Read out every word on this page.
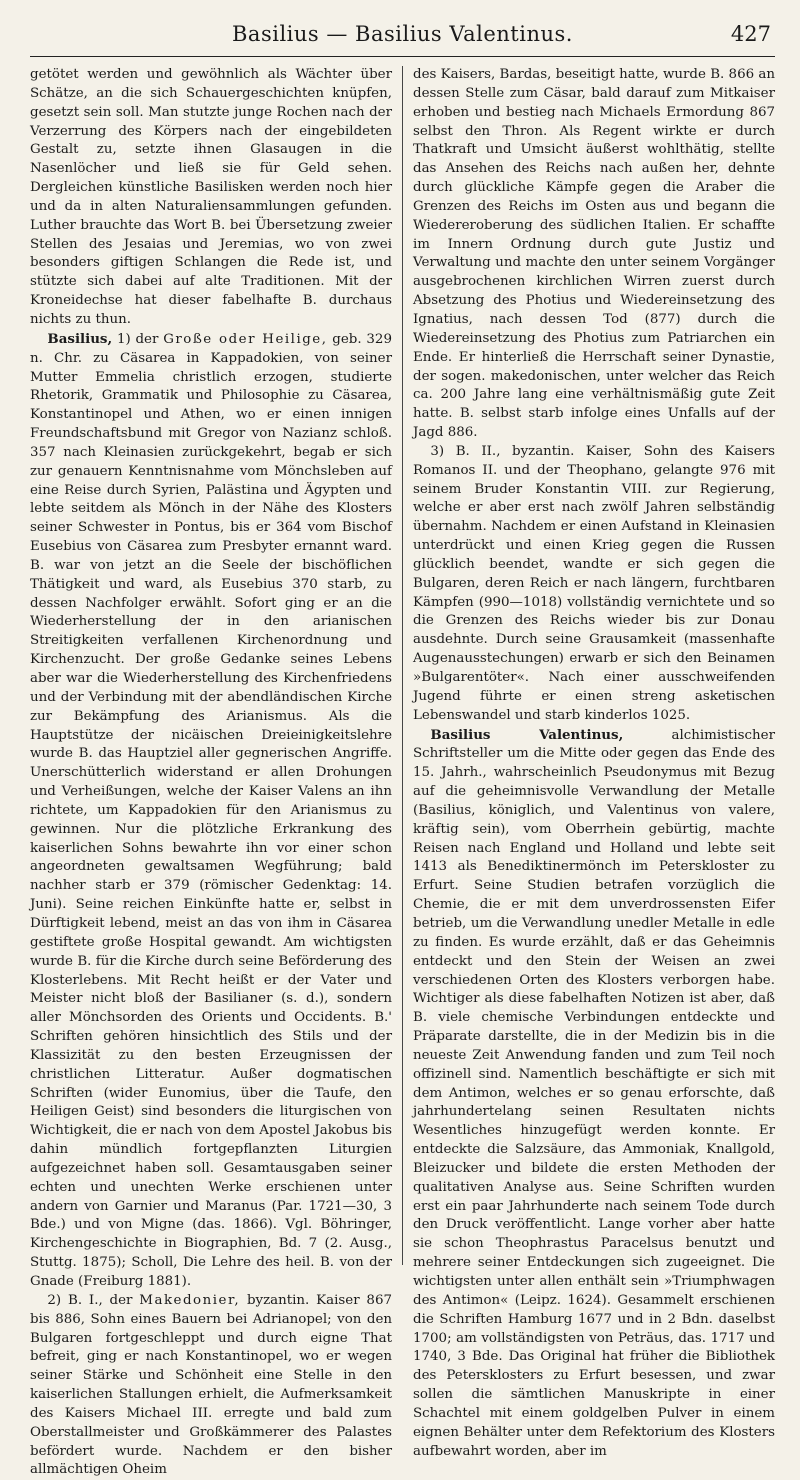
Basilius — Basilius Valentinus.	427

getötet werden und gewöhnlich als Wächter über Schätze, an die sich Schauergeschichten knüpfen, gesetzt sein soll. Man stutzte junge Rochen nach der Verzerrung des Körpers nach der eingebildeten Gestalt zu, setzte ihnen Glasaugen in die Nasenlöcher und ließ sie für Geld sehen. Dergleichen künstliche Basilisken werden noch hier und da in alten Naturaliensammlungen gefunden. Luther brauchte das Wort B. bei Übersetzung zweier Stellen des Jesaias und Jeremias, wo von zwei besonders giftigen Schlangen die Rede ist, und stützte sich dabei auf alte Traditionen. Mit der Kroneidechse hat dieser fabelhafte B. durchaus nichts zu thun.

Basilius, 1) der Große oder Heilige, geb. 329 n. Chr. zu Cäsarea in Kappadokien, von seiner Mutter Emmelia christlich erzogen, studierte Rhetorik, Grammatik und Philosophie zu Cäsarea, Konstantinopel und Athen, wo er einen innigen Freundschaftsbund mit Gregor von Nazianz schloß. 357 nach Kleinasien zurückgekehrt, begab er sich zur genauern Kenntnisnahme vom Mönchsleben auf eine Reise durch Syrien, Palästina und Ägypten und lebte seitdem als Mönch in der Nähe des Klosters seiner Schwester in Pontus, bis er 364 vom Bischof Eusebius von Cäsarea zum Presbyter ernannt ward. B. war von jetzt an die Seele der bischöflichen Thätigkeit und ward, als Eusebius 370 starb, zu dessen Nachfolger erwählt. Sofort ging er an die Wiederherstellung der in den arianischen Streitigkeiten verfallenen Kirchenordnung und Kirchenzucht. Der große Gedanke seines Lebens aber war die Wiederherstellung des Kirchenfriedens und der Verbindung mit der abendländischen Kirche zur Bekämpfung des Arianismus. Als die Hauptstütze der nicäischen Dreieinigkeitslehre wurde B. das Hauptziel aller gegnerischen Angriffe. Unerschütterlich widerstand er allen Drohungen und Verheißungen, welche der Kaiser Valens an ihn richtete, um Kappadokien für den Arianismus zu gewinnen. Nur die plötzliche Erkrankung des kaiserlichen Sohns bewahrte ihn vor einer schon angeordneten gewaltsamen Wegführung; bald nachher starb er 379 (römischer Gedenktag: 14. Juni). Seine reichen Einkünfte hatte er, selbst in Dürftigkeit lebend, meist an das von ihm in Cäsarea gestiftete große Hospital gewandt. Am wichtigsten wurde B. für die Kirche durch seine Beförderung des Klosterlebens. Mit Recht heißt er der Vater und Meister nicht bloß der Basilianer (s. d.), sondern aller Mönchsorden des Orients und Occidents. B.' Schriften gehören hinsichtlich des Stils und der Klassizität zu den besten Erzeugnissen der christlichen Litteratur. Außer dogmatischen Schriften (wider Eunomius, über die Taufe, den Heiligen Geist) sind besonders die liturgischen von Wichtigkeit, die er nach von dem Apostel Jakobus bis dahin mündlich fortgepflanzten Liturgien aufgezeichnet haben soll. Gesamtausgaben seiner echten und unechten Werke erschienen unter andern von Garnier und Maranus (Par. 1721—30, 3 Bde.) und von Migne (das. 1866). Vgl. Böhringer, Kirchengeschichte in Biographien, Bd. 7 (2. Ausg., Stuttg. 1875); Scholl, Die Lehre des heil. B. von der Gnade (Freiburg 1881).

2) B. I., der Makedonier, byzantin. Kaiser 867 bis 886, Sohn eines Bauern bei Adrianopel; von den Bulgaren fortgeschleppt und durch eigne That befreit, ging er nach Konstantinopel, wo er wegen seiner Stärke und Schönheit eine Stelle in den kaiserlichen Stallungen erhielt, die Aufmerksamkeit des Kaisers Michael III. erregte und bald zum Oberstallmeister und Großkämmerer des Palastes befördert wurde. Nachdem er den bisher allmächtigen Oheim

des Kaisers, Bardas, beseitigt hatte, wurde B. 866 an dessen Stelle zum Cäsar, bald darauf zum Mitkaiser erhoben und bestieg nach Michaels Ermordung 867 selbst den Thron. Als Regent wirkte er durch Thatkraft und Umsicht äußerst wohlthätig, stellte das Ansehen des Reichs nach außen her, dehnte durch glückliche Kämpfe gegen die Araber die Grenzen des Reichs im Osten aus und begann die Wiedereroberung des südlichen Italien. Er schaffte im Innern Ordnung durch gute Justiz und Verwaltung und machte den unter seinem Vorgänger ausgebrochenen kirchlichen Wirren zuerst durch Absetzung des Photius und Wiedereinsetzung des Ignatius, nach dessen Tod (877) durch die Wiedereinsetzung des Photius zum Patriarchen ein Ende. Er hinterließ die Herrschaft seiner Dynastie, der sogen. makedonischen, unter welcher das Reich ca. 200 Jahre lang eine verhältnismäßig gute Zeit hatte. B. selbst starb infolge eines Unfalls auf der Jagd 886.

3) B. II., byzantin. Kaiser, Sohn des Kaisers Romanos II. und der Theophano, gelangte 976 mit seinem Bruder Konstantin VIII. zur Regierung, welche er aber erst nach zwölf Jahren selbständig übernahm. Nachdem er einen Aufstand in Kleinasien unterdrückt und einen Krieg gegen die Russen glücklich beendet, wandte er sich gegen die Bulgaren, deren Reich er nach längern, furchtbaren Kämpfen (990—1018) vollständig vernichtete und so die Grenzen des Reichs wieder bis zur Donau ausdehnte. Durch seine Grausamkeit (massenhafte Augenausstechungen) erwarb er sich den Beinamen »Bulgarentöter«. Nach einer ausschweifenden Jugend führte er einen streng asketischen Lebenswandel und starb kinderlos 1025.

Basilius Valentinus, alchimistischer Schriftsteller um die Mitte oder gegen das Ende des 15. Jahrh., wahrscheinlich Pseudonymus mit Bezug auf die geheimnisvolle Verwandlung der Metalle (Basilius, königlich, und Valentinus von valere, kräftig sein), vom Oberrhein gebürtig, machte Reisen nach England und Holland und lebte seit 1413 als Benediktinermönch im Peterskloster zu Erfurt. Seine Studien betrafen vorzüglich die Chemie, die er mit dem unverdrossensten Eifer betrieb, um die Verwandlung unedler Metalle in edle zu finden. Es wurde erzählt, daß er das Geheimnis entdeckt und den Stein der Weisen an zwei verschiedenen Orten des Klosters verborgen habe. Wichtiger als diese fabelhaften Notizen ist aber, daß B. viele chemische Verbindungen entdeckte und Präparate darstellte, die in der Medizin bis in die neueste Zeit Anwendung fanden und zum Teil noch offizinell sind. Namentlich beschäftigte er sich mit dem Antimon, welches er so genau erforschte, daß jahrhundertelang seinen Resultaten nichts Wesentliches hinzugefügt werden konnte. Er entdeckte die Salzsäure, das Ammoniak, Knallgold, Bleizucker und bildete die ersten Methoden der qualitativen Analyse aus. Seine Schriften wurden erst ein paar Jahrhunderte nach seinem Tode durch den Druck veröffentlicht. Lange vorher aber hatte sie schon Theophrastus Paracelsus benutzt und mehrere seiner Entdeckungen sich zugeeignet. Die wichtigsten unter allen enthält sein »Triumphwagen des Antimon« (Leipz. 1624). Gesammelt erschienen die Schriften Hamburg 1677 und in 2 Bdn. daselbst 1700; am vollständigsten von Peträus, das. 1717 und 1740, 3 Bde. Das Original hat früher die Bibliothek des Petersklosters zu Erfurt besessen, und zwar sollen die sämtlichen Manuskripte in einer Schachtel mit einem goldgelben Pulver in einem eignen Behälter unter dem Refektorium des Klosters aufbewahrt worden, aber im
